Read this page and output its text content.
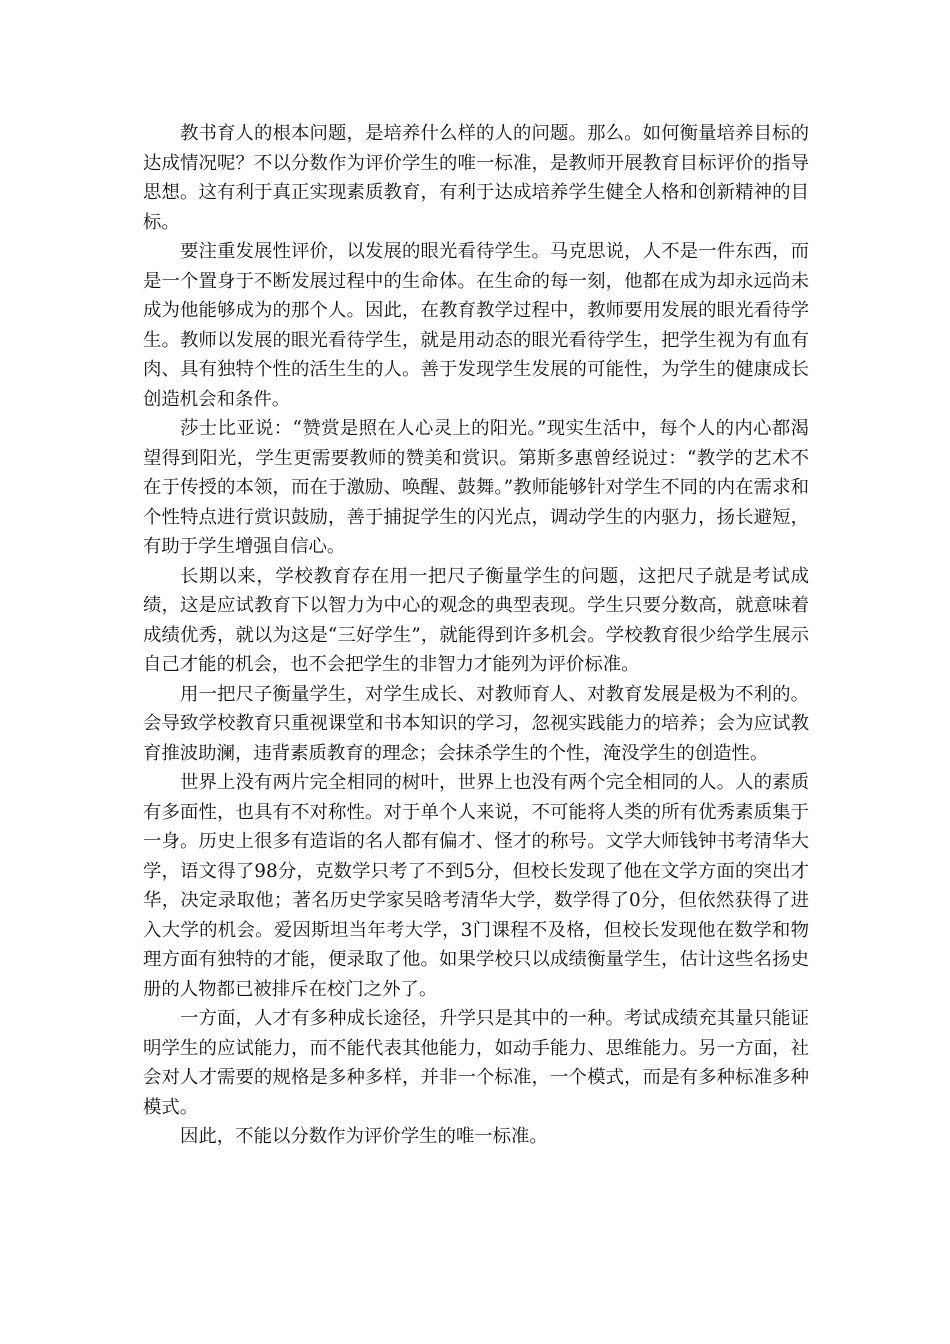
教书育人的根本问题，是培养什么样的人的问题。那么。如何衡量培养目标的达成情况呢？不以分数作为评价学生的唯一标准，是教师开展教育目标评价的指导思想。这有利于真正实现素质教育，有利于达成培养学生健全人格和创新精神的目标。

要注重发展性评价，以发展的眼光看待学生。马克思说，人不是一件东西，而是一个置身于不断发展过程中的生命体。在生命的每一刻，他都在成为却永远尚未成为他能够成为的那个人。因此，在教育教学过程中，教师要用发展的眼光看待学生。教师以发展的眼光看待学生，就是用动态的眼光看待学生，把学生视为有血有肉、具有独特个性的活生生的人。善于发现学生发展的可能性，为学生的健康成长创造机会和条件。

莎士比亚说：“赞赏是照在人心灵上的阳光。”现实生活中，每个人的内心都渴望得到阳光，学生更需要教师的赞美和赏识。第斯多惠曾经说过：“教学的艺术不在于传授的本领，而在于激励、唤醒、鼓舞。”教师能够针对学生不同的内在需求和个性特点进行赏识鼓励，善于捕捉学生的闪光点，调动学生的内驱力，扬长避短，有助于学生增强自信心。

长期以来，学校教育存在用一把尺子衡量学生的问题，这把尺子就是考试成绩，这是应试教育下以智力为中心的观念的典型表现。学生只要分数高，就意味着成绩优秀，就以为这是“三好学生”，就能得到许多机会。学校教育很少给学生展示自己才能的机会，也不会把学生的非智力才能列为评价标准。

用一把尺子衡量学生，对学生成长、对教师育人、对教育发展是极为不利的。会导致学校教育只重视课堂和书本知识的学习，忽视实践能力的培养；会为应试教育推波助澜，违背素质教育的理念；会抹杀学生的个性，淹没学生的创造性。

世界上没有两片完全相同的树叶，世界上也没有两个完全相同的人。人的素质有多面性，也具有不对称性。对于单个人来说，不可能将人类的所有优秀素质集于一身。历史上很多有造诣的名人都有偏才、怪才的称号。文学大师钱钟书考清华大学，语文得了98分，克数学只考了不到5分，但校长发现了他在文学方面的突出才华，决定录取他；著名历史学家吴晗考清华大学，数学得了0分，但依然获得了进入大学的机会。爱因斯坦当年考大学，3门课程不及格，但校长发现他在数学和物理方面有独特的才能，便录取了他。如果学校只以成绩衡量学生，估计这些名扬史册的人物都已被排斥在校门之外了。

一方面，人才有多种成长途径，升学只是其中的一种。考试成绩充其量只能证明学生的应试能力，而不能代表其他能力，如动手能力、思维能力。另一方面，社会对人才需要的规格是多种多样，并非一个标准，一个模式，而是有多种标准多种模式。

因此，不能以分数作为评价学生的唯一标准。
